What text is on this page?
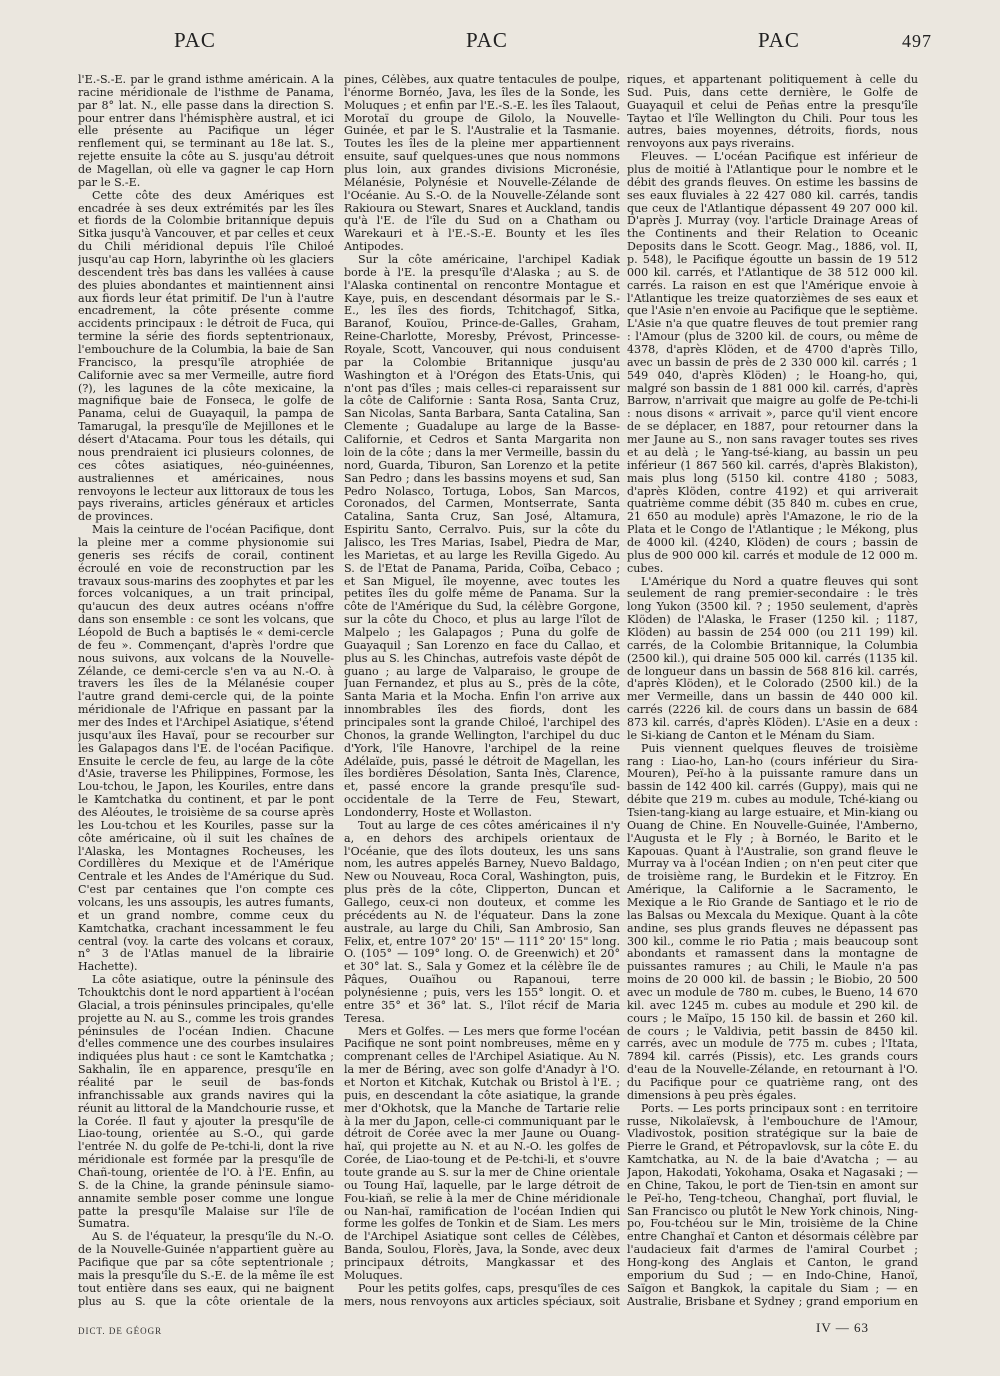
PAC	PAC	PAC	497

l'E.-S.-E. par le grand isthme américain. A la racine méridionale de l'isthme de Panama, par 8° lat. N., elle passe dans la direction S. pour entrer dans l'hémisphère austral, et ici elle présente au Pacifique un léger renflement qui, se terminant au 18e lat. S., rejette ensuite la côte au S. jusqu'au détroit de Magellan, où elle va gagner le cap Horn par le S.-E.

Cette côte des deux Amériques est encadrée à ses deux extrémités par les îles et fiords de la Colombie britannique depuis Sitka jusqu'à Vancouver, et par celles et ceux du Chili méridional depuis l'île Chiloé jusqu'au cap Horn, labyrinthe où les glaciers descendent très bas dans les vallées à cause des pluies abondantes et maintiennent ainsi aux fiords leur état primitif. De l'un à l'autre encadrement, la côte présente comme accidents principaux : le détroit de Fuca, qui termine la série des fiords septentrionaux, l'embouchure de la Columbia, la baie de San Francisco, la presqu'île atrophiée de Californie avec sa mer Vermeille, autre fiord (?), les lagunes de la côte mexicaine, la magnifique baie de Fonseca, le golfe de Panama, celui de Guayaquil, la pampa de Tamarugal, la presqu'île de Mejillones et le désert d'Atacama. Pour tous les détails, qui nous prendraient ici plusieurs colonnes, de ces côtes asiatiques, néo-guinéennes, australiennes et américaines, nous renvoyons le lecteur aux littoraux de tous les pays riverains, articles généraux et articles de provinces.

Mais la ceinture de l'océan Pacifique, dont la pleine mer a comme physionomie sui generis ses récifs de corail, continent écroulé en voie de reconstruction par les travaux sous-marins des zoophytes et par les forces volcaniques, a un trait principal, qu'aucun des deux autres océans n'offre dans son ensemble : ce sont les volcans, que Léopold de Buch a baptisés le « demi-cercle de feu ». Commençant, d'après l'ordre que nous suivons, aux volcans de la Nouvelle-Zélande, ce demi-cercle s'en va au N.-O. à travers les îles de la Mélanésie couper l'autre grand demi-cercle qui, de la pointe méridionale de l'Afrique en passant par la mer des Indes et l'Archipel Asiatique, s'étend jusqu'aux îles Havaï, pour se recourber sur les Galapagos dans l'E. de l'océan Pacifique. Ensuite le cercle de feu, au large de la côte d'Asie, traverse les Philippines, Formose, les Lou-tchou, le Japon, les Kouriles, entre dans le Kamtchatka du continent, et par le pont des Aléoutes, le troisième de sa course après les Lou-tchou et les Kouriles, passe sur la côte américaine, où il suit les chaînes de l'Alaska, les Montagnes Rocheuses, les Cordillères du Mexique et de l'Amérique Centrale et les Andes de l'Amérique du Sud. C'est par centaines que l'on compte ces volcans, les uns assoupis, les autres fumants, et un grand nombre, comme ceux du Kamtchatka, crachant incessamment le feu central (voy. la carte des volcans et coraux, n° 3 de l'Atlas manuel de la librairie Hachette).

La côte asiatique, outre la péninsule des Tchouktchis dont le nord appartient à l'océan Glacial, a trois péninsules principales, qu'elle projette au N. au S., comme les trois grandes péninsules de l'océan Indien. Chacune d'elles commence une des courbes insulaires indiquées plus haut : ce sont le Kamtchatka ; Sakhalin, île en apparence, presqu'île en réalité par le seuil de bas-fonds infranchissable aux grands navires qui la réunit au littoral de la Mandchourie russe, et la Corée. Il faut y ajouter la presqu'île de Liao-toung, orientée au S.-O., qui garde l'entrée N. du golfe de Pe-tchi-li, dont la rive méridionale est formée par la presqu'île de Chañ-toung, orientée de l'O. à l'E. Enfin, au S. de la Chine, la grande péninsule siamo-annamite semble poser comme une longue patte la presqu'île Malaise sur l'île de Sumatra.

Au S. de l'équateur, la presqu'île du N.-O. de la Nouvelle-Guinée n'appartient guère au Pacifique que par sa côte septentrionale ; mais la presqu'île du S.-E. de la même île est tout entière dans ses eaux, qui ne baignent plus au S. que la côte orientale de la

pines, Célèbes, aux quatre tentacules de poulpe, l'énorme Bornéo, Java, les îles de la Sonde, les Moluques ; et enfin par l'E.-S.-E. les îles Talaout, Morotaï du groupe de Gilolo, la Nouvelle-Guinée, et par le S. l'Australie et la Tasmanie. Toutes les îles de la pleine mer appartiennent ensuite, sauf quelques-unes que nous nommons plus loin, aux grandes divisions Micronésie, Mélanésie, Polynésie et Nouvelle-Zélande de l'Océanie. Au S.-O. de la Nouvelle-Zélande sont Rakioura ou Stewart, Snares et Auckland, tandis qu'à l'E. de l'île du Sud on a Chatham ou Warekauri et à l'E.-S.-E. Bounty et les îles Antipodes.

Sur la côte américaine, l'archipel Kadiak borde à l'E. la presqu'île d'Alaska ; au S. de l'Alaska continental on rencontre Montague et Kaye, puis, en descendant désormais par le S.-E., les îles des fiords, Tchitchagof, Sitka, Baranof, Kouïou, Prince-de-Galles, Graham, Reine-Charlotte, Moresby, Prévost, Princesse-Royale, Scott, Vancouver, qui nous conduisent par la Colombie Britannique jusqu'au Washington et à l'Orégon des Etats-Unis, qui n'ont pas d'îles ; mais celles-ci reparaissent sur la côte de Californie : Santa Rosa, Santa Cruz, San Nicolas, Santa Barbara, Santa Catalina, San Clemente ; Guadalupe au large de la Basse-Californie, et Cedros et Santa Margarita non loin de la côte ; dans la mer Vermeille, bassin du nord, Guarda, Tiburon, San Lorenzo et la petite San Pedro ; dans les bassins moyens et sud, San Pedro Nolasco, Tortuga, Lobos, San Marcos, Coronados, del Carmen, Montserrate, Santa Catalina, Santa Cruz, San José, Altamura, Espiritu Santo, Cerralvo. Puis, sur la côte du Jalisco, les Tres Marias, Isabel, Piedra de Mar, les Marietas, et au large les Revilla Gigedo. Au S. de l'Etat de Panama, Parida, Coïba, Cebaco ; et San Miguel, île moyenne, avec toutes les petites îles du golfe même de Panama. Sur la côte de l'Amérique du Sud, la célèbre Gorgone, sur la côte du Choco, et plus au large l'îlot de Malpelo ; les Galapagos ; Puna du golfe de Guayaquil ; San Lorenzo en face du Callao, et plus au S. les Chinchas, autrefois vaste dépôt de guano ; au large de Valparaiso, le groupe de Juan Fernandez, et plus au S., près de la côte, Santa Maria et la Mocha. Enfin l'on arrive aux innombrables îles des fiords, dont les principales sont la grande Chiloé, l'archipel des Chonos, la grande Wellington, l'archipel du duc d'York, l'île Hanovre, l'archipel de la reine Adélaïde, puis, passé le détroit de Magellan, les îles bordières Désolation, Santa Inès, Clarence, et, passé encore la grande presqu'île sud-occidentale de la Terre de Feu, Stewart, Londonderry, Hoste et Wollaston.

Tout au large de ces côtes américaines il n'y a, en dehors des archipels orientaux de l'Océanie, que des îlots douteux, les uns sans nom, les autres appelés Barney, Nuevo Baldago, New ou Nouveau, Roca Coral, Washington, puis, plus près de la côte, Clipperton, Duncan et Gallego, ceux-ci non douteux, et comme les précédents au N. de l'équateur. Dans la zone australe, au large du Chili, San Ambrosio, San Felix, et, entre 107° 20' 15" — 111° 20' 15" long. O. (105° — 109° long. O. de Greenwich) et 20° et 30° lat. S., Sala y Gomez et la célèbre île de Pâques, Ouaïhou ou Rapanoui, terre polynésienne ; puis, vers les 155° longit. O. et entre 35° et 36° lat. S., l'îlot récif de Maria Teresa.

Mers et Golfes. — Les mers que forme l'océan Pacifique ne sont point nombreuses, même en y comprenant celles de l'Archipel Asiatique. Au N. la mer de Béring, avec son golfe d'Anadyr à l'O. et Norton et Kitchak, Kutchak ou Bristol à l'E. ; puis, en descendant la côte asiatique, la grande mer d'Okhotsk, que la Manche de Tartarie relie à la mer du Japon, celle-ci communiquant par le détroit de Corée avec la mer Jaune ou Ouang-haï, qui projette au N. et au N.-O. les golfes de Corée, de Liao-toung et de Pe-tchi-li, et s'ouvre toute grande au S. sur la mer de Chine orientale ou Toung Haï, laquelle, par le large détroit de Fou-kiañ, se relie à la mer de Chine méridionale ou Nan-haï, ramification de l'océan Indien qui forme les golfes de Tonkin et de Siam. Les mers de l'Archipel Asiatique sont celles de Célèbes, Banda, Soulou, Florès, Java, la Sonde, avec deux principaux détroits, Mangkassar et des Moluques.

Pour les petits golfes, caps, presqu'îles de ces mers, nous renvoyons aux articles spéciaux, soit

riques, et appartenant politiquement à celle du Sud. Puis, dans cette dernière, le Golfe de Guayaquil et celui de Peñas entre la presqu'île Taytao et l'île Wellington du Chili. Pour tous les autres, baies moyennes, détroits, fiords, nous renvoyons aux pays riverains.

Fleuves. — L'océan Pacifique est inférieur de plus de moitié à l'Atlantique pour le nombre et le débit des grands fleuves. On estime les bassins de ses eaux fluviales à 22 427 080 kil. carrés, tandis que ceux de l'Atlantique dépassent 49 207 000 kil. D'après J. Murray (voy. l'article Drainage Areas of the Continents and their Relation to Oceanic Deposits dans le Scott. Geogr. Mag., 1886, vol. II, p. 548), le Pacifique égoutte un bassin de 19 512 000 kil. carrés, et l'Atlantique de 38 512 000 kil. carrés. La raison en est que l'Amérique envoie à l'Atlantique les treize quatorzièmes de ses eaux et que l'Asie n'en envoie au Pacifique que le septième. L'Asie n'a que quatre fleuves de tout premier rang : l'Amour (plus de 3200 kil. de cours, ou même de 4378, d'après Klöden, et de 4700 d'après Tillo, avec un bassin de près de 2 330 000 kil. carrés ; 1 549 040, d'après Klöden) ; le Hoang-ho, qui, malgré son bassin de 1 881 000 kil. carrés, d'après Barrow, n'arrivait que maigre au golfe de Pe-tchi-li : nous disons « arrivait », parce qu'il vient encore de se déplacer, en 1887, pour retourner dans la mer Jaune au S., non sans ravager toutes ses rives et au delà ; le Yang-tsé-kiang, au bassin un peu inférieur (1 867 560 kil. carrés, d'après Blakiston), mais plus long (5150 kil. contre 4180 ; 5083, d'après Klöden, contre 4192) et qui arriverait quatrième comme débit (35 840 m. cubes en crue, 21 650 au module) après l'Amazone, le rio de la Plata et le Congo de l'Atlantique ; le Mékong, plus de 4000 kil. (4240, Klöden) de cours ; bassin de plus de 900 000 kil. carrés et module de 12 000 m. cubes.

L'Amérique du Nord a quatre fleuves qui sont seulement de rang premier-secondaire : le très long Yukon (3500 kil. ? ; 1950 seulement, d'après Klöden) de l'Alaska, le Fraser (1250 kil. ; 1187, Klöden) au bassin de 254 000 (ou 211 199) kil. carrés, de la Colombie Britannique, la Columbia (2500 kil.), qui draine 505 000 kil. carrés (1135 kil. de longueur dans un bassin de 568 816 kil. carrés, d'après Klöden), et le Colorado (2500 kil.) de la mer Vermeille, dans un bassin de 440 000 kil. carrés (2226 kil. de cours dans un bassin de 684 873 kil. carrés, d'après Klöden). L'Asie en a deux : le Si-kiang de Canton et le Ménam du Siam.

Puis viennent quelques fleuves de troisième rang : Liao-ho, Lan-ho (cours inférieur du Sira-Mouren), Peï-ho à la puissante ramure dans un bassin de 142 400 kil. carrés (Guppy), mais qui ne débite que 219 m. cubes au module, Tché-kiang ou Tsien-tang-kiang au large estuaire, et Min-kiang ou Ouang de Chine. En Nouvelle-Guinée, l'Amberno, l'Augusta et le Fly ; à Bornéo, le Barito et le Kapouas. Quant à l'Australie, son grand fleuve le Murray va à l'océan Indien ; on n'en peut citer que de troisième rang, le Burdekin et le Fitzroy. En Amérique, la Californie a le Sacramento, le Mexique a le Rio Grande de Santiago et le rio de las Balsas ou Mexcala du Mexique. Quant à la côte andine, ses plus grands fleuves ne dépassent pas 300 kil., comme le rio Patia ; mais beaucoup sont abondants et ramassent dans la montagne de puissantes ramures ; au Chili, le Maule n'a pas moins de 20 000 kil. de bassin ; le Biobio, 20 500 avec un module de 780 m. cubes, le Bueno, 14 670 kil. avec 1245 m. cubes au module et 290 kil. de cours ; le Maïpo, 15 150 kil. de bassin et 260 kil. de cours ; le Valdivia, petit bassin de 8450 kil. carrés, avec un module de 775 m. cubes ; l'Itata, 7894 kil. carrés (Pissis), etc. Les grands cours d'eau de la Nouvelle-Zélande, en retournant à l'O. du Pacifique pour ce quatrième rang, ont des dimensions à peu près égales.

Ports. — Les ports principaux sont : en territoire russe, Nikolaïevsk, à l'embouchure de l'Amour, Vladivostok, position stratégique sur la baie de Pierre le Grand, et Pétropavlovsk, sur la côte E. du Kamtchatka, au N. de la baie d'Avatcha ; — au Japon, Hakodati, Yokohama, Osaka et Nagasaki ; — en Chine, Takou, le port de Tien-tsin en amont sur le Peï-ho, Teng-tcheou, Changhaï, port fluvial, le San Francisco ou plutôt le New York chinois, Ning-po, Fou-tchéou sur le Min, troisième de la Chine entre Changhaï et Canton et désormais célèbre par l'audacieux fait d'armes de l'amiral Courbet ; Hong-kong des Anglais et Canton, le grand emporium du Sud ; — en Indo-Chine, Hanoï, Saïgon et Bangkok, la capitale du Siam ; — en Australie, Brisbane et Sydney ; grand emporium en

DICT. DE GÉOGR	IV — 63
